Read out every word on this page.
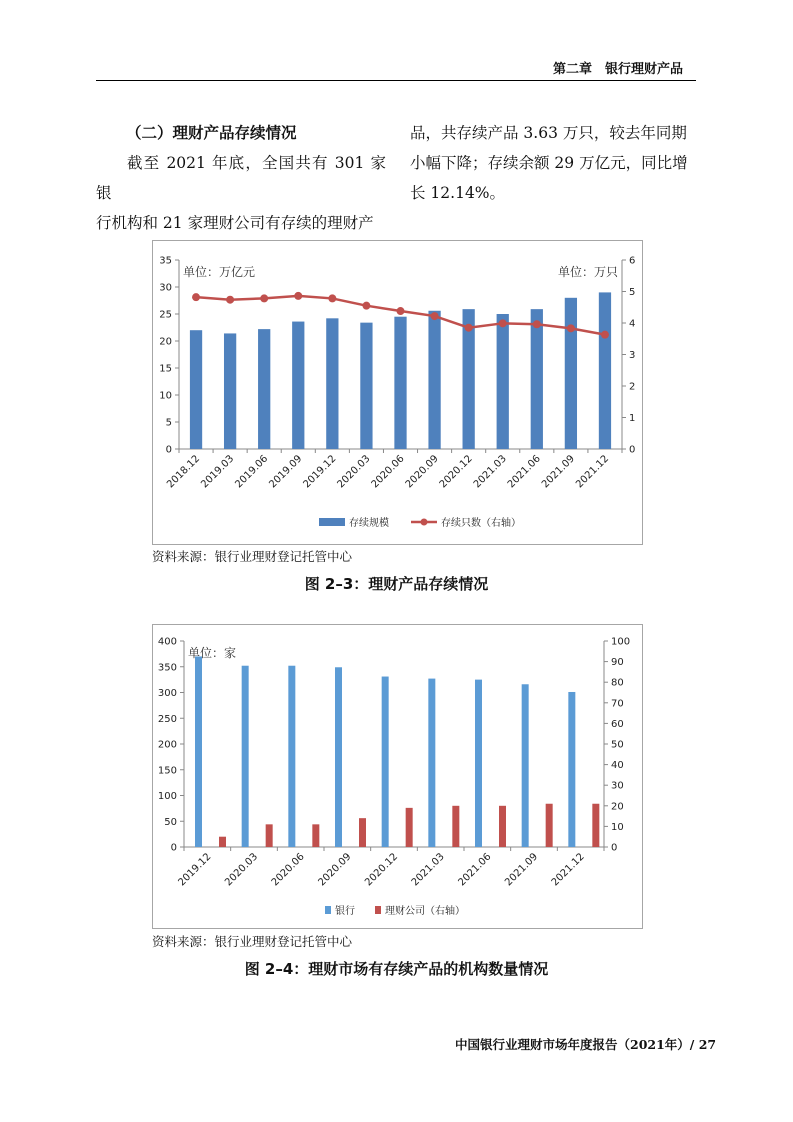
第二章　银行理财产品

（二）理财产品存续情况

截至 2021 年底，全国共有 301 家银

行机构和 21 家理财公司有存续的理财产

品，共存续产品 3.63 万只，较去年同期

小幅下降；存续余额 29 万亿元，同比增

长 12.14%。

0
5
10
15
20
25
30
35
0
1
2
3
4
5
6
2018.12
2019.03
2019.06
2019.09
2019.12
2020.03
2020.06
2020.09
2020.12
2021.03
2021.06
2021.09
2021.12
单位：万亿元	单位：万只
存续规模	存续只数（右轴）
资料来源：银行业理财登记托管中心
图 2–3：理财产品存续情况
0
50
100
150
200
250
300
350
400
0
10
20
30
40
50
60
70
80
90
100
2019.12 2020.03 2020.06 2020.09 2020.12 2021.03 2021.06 2021.09 2021.12
单位：家
银行	理财公司（右轴）
资料来源：银行业理财登记托管中心
图 2–4：理财市场有存续产品的机构数量情况
中国银行业理财市场年度报告（2021年）/ 27
